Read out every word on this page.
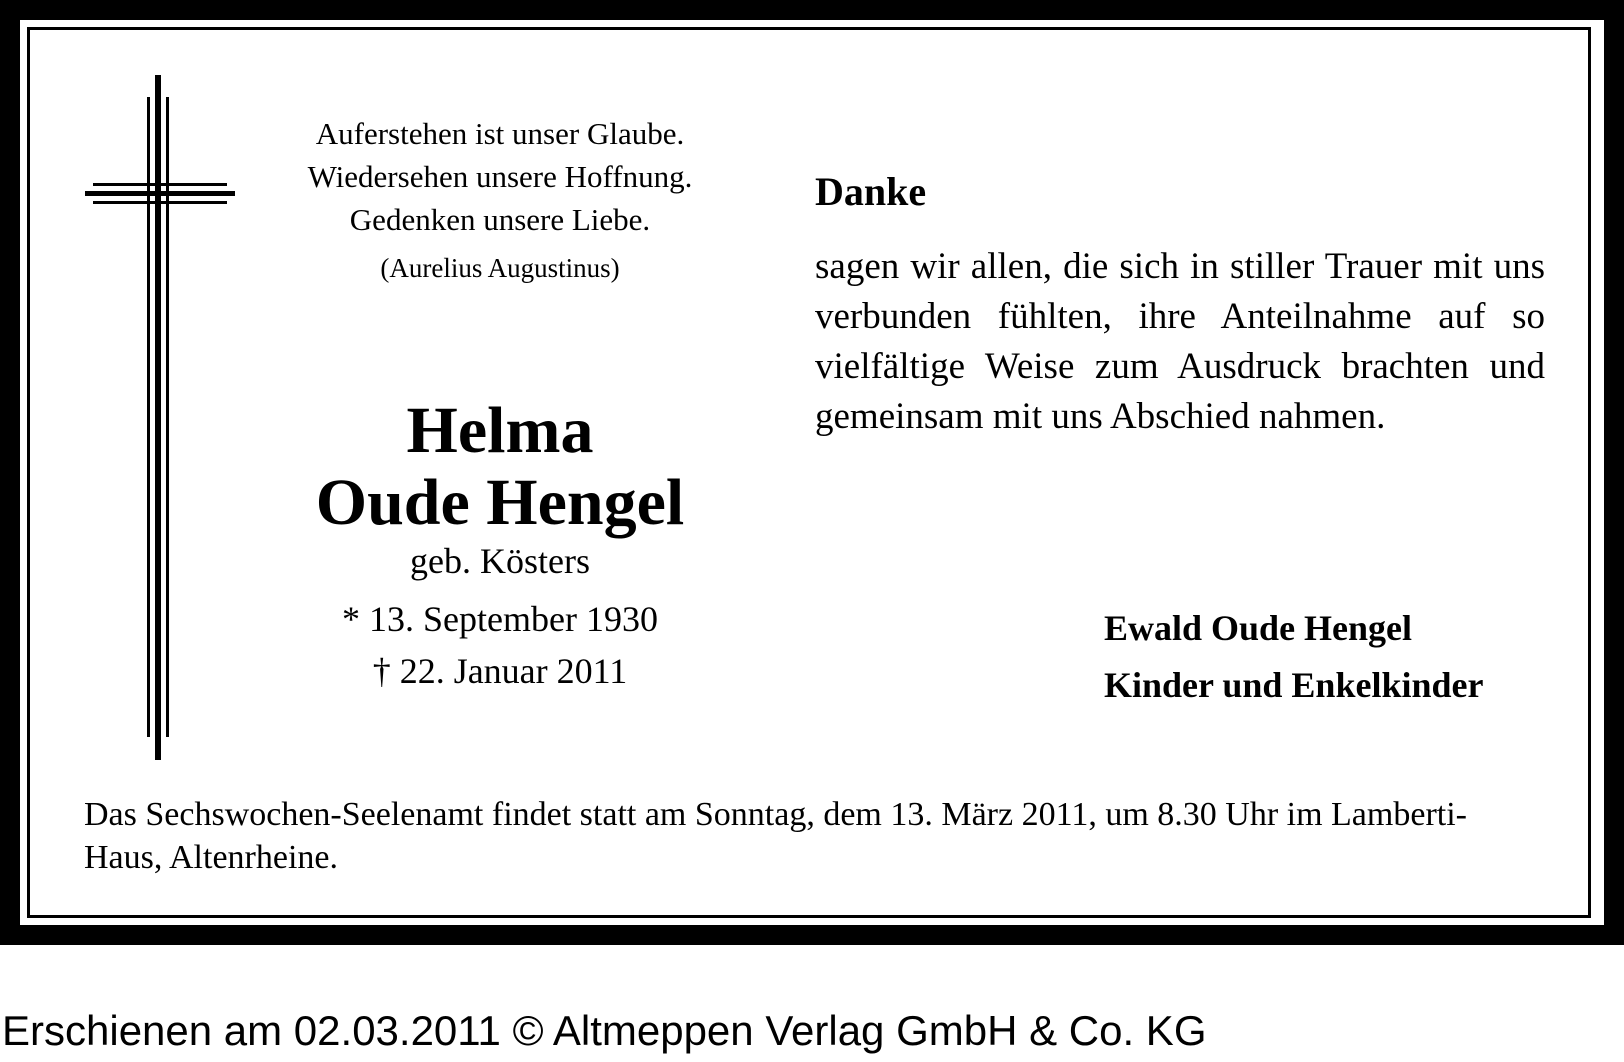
Auferstehen ist unser Glaube.
Wiedersehen unsere Hoffnung.
Gedenken unsere Liebe.
(Aurelius Augustinus)
Helma
Oude Hengel
geb. Kösters
* 13. September 1930
† 22. Januar 2011
Danke
sagen wir allen, die sich in stiller Trauer mit uns verbunden fühlten, ihre Anteilnahme auf so vielfältige Weise zum Ausdruck brachten und gemeinsam mit uns Abschied nahmen.
Ewald Oude Hengel
Kinder und Enkelkinder
Das Sechswochen-Seelenamt findet statt am Sonntag, dem 13. März 2011, um 8.30 Uhr im Lamberti-Haus, Altenrheine.
Erschienen am 02.03.2011 © Altmeppen Verlag GmbH & Co. KG
